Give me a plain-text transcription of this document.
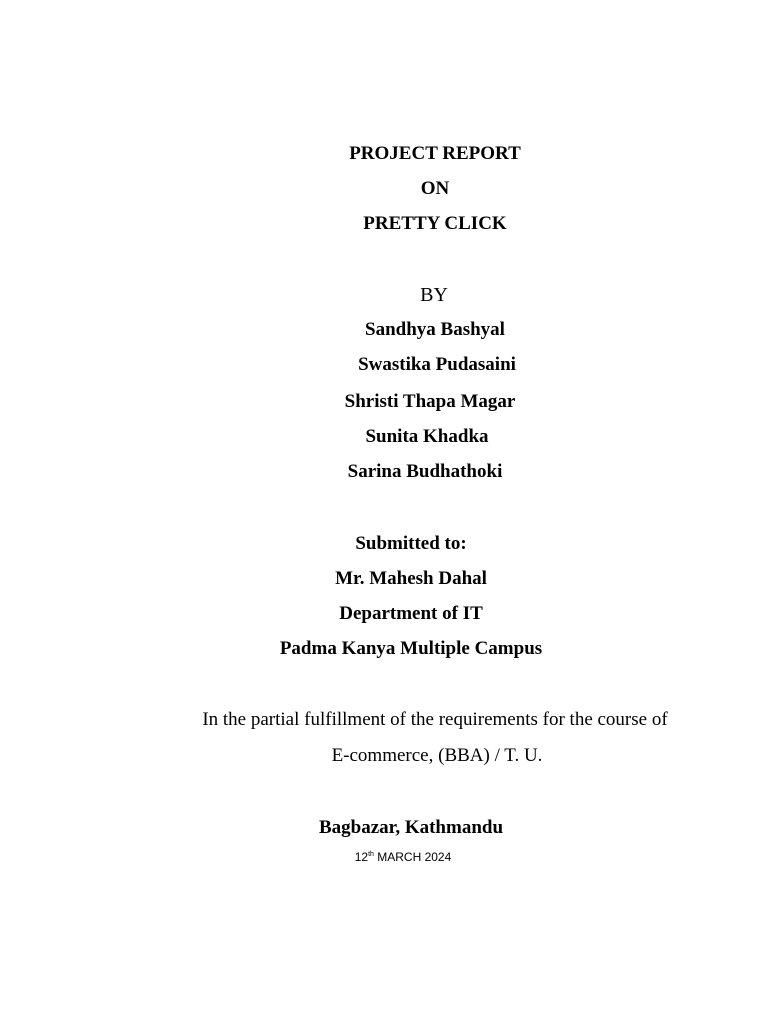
PROJECT REPORT
ON
PRETTY CLICK
BY
Sandhya Bashyal
Swastika Pudasaini
Shristi Thapa Magar
Sunita Khadka
Sarina Budhathoki
Submitted to:
Mr. Mahesh Dahal
Department of IT
Padma Kanya Multiple Campus
In the partial fulfillment of the requirements for the course of
E-commerce, (BBA) / T. U.
Bagbazar, Kathmandu
12th MARCH 2024
